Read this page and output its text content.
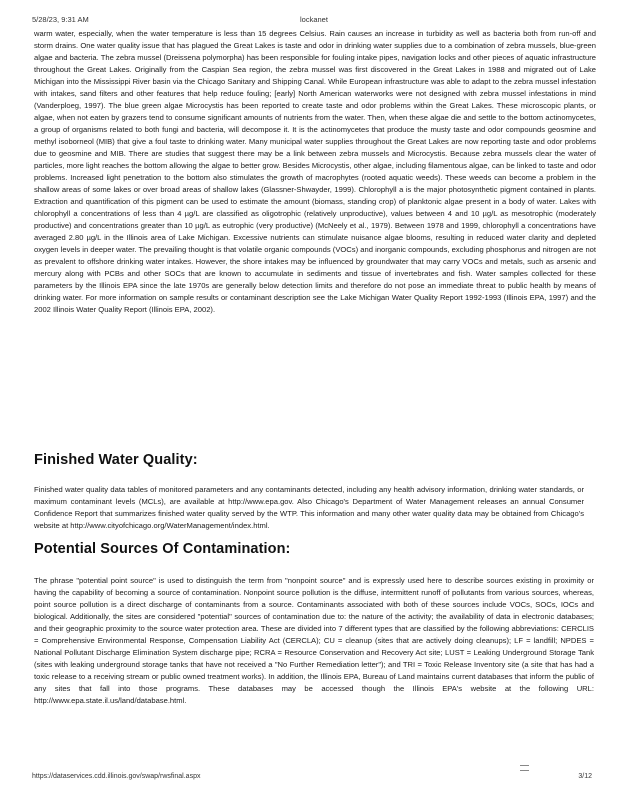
5/28/23, 9:31 AM	lockanet

warm water, especially, when the water temperature is less than 15 degrees Celsius. Rain causes an increase in turbidity as well as bacteria both from run-off and storm drains. One water quality issue that has plagued the Great Lakes is taste and odor in drinking water supplies due to a combination of zebra mussels, blue-green algae and bacteria. The zebra mussel (Dreissena polymorpha) has been responsible for fouling intake pipes, navigation locks and other pieces of aquatic infrastructure throughout the Great Lakes. Originally from the Caspian Sea region, the zebra mussel was first discovered in the Great Lakes in 1988 and migrated out of Lake Michigan into the Mississippi River basin via the Chicago Sanitary and Shipping Canal. While European infrastructure was able to adapt to the zebra mussel infestation with intakes, sand filters and other features that help reduce fouling; [early] North American waterworks were not designed with zebra mussel infestations in mind (Vanderploeg, 1997). The blue green algae Microcystis has been reported to create taste and odor problems within the Great Lakes. These microscopic plants, or algae, when not eaten by grazers tend to consume significant amounts of nutrients from the water. Then, when these algae die and settle to the bottom actinomycetes, a group of organisms related to both fungi and bacteria, will decompose it. It is the actinomycetes that produce the musty taste and odor compounds geosmine and methyl isoborneol (MIB) that give a foul taste to drinking water. Many municipal water supplies throughout the Great Lakes are now reporting taste and odor problems due to geosmine and MIB. There are studies that suggest there may be a link between zebra mussels and Microcystis. Because zebra mussels clear the water of particles, more light reaches the bottom allowing the algae to better grow. Besides Microcystis, other algae, including filamentous algae, can be linked to taste and odor problems. Increased light penetration to the bottom also stimulates the growth of macrophytes (rooted aquatic weeds). These weeds can become a problem in the shallow areas of some lakes or over broad areas of shallow lakes (Glassner-Shwayder, 1999). Chlorophyll a is the major photosynthetic pigment contained in plants. Extraction and quantification of this pigment can be used to estimate the amount (biomass, standing crop) of planktonic algae present in a body of water. Lakes with chlorophyll a concentrations of less than 4 µg/L are classified as oligotrophic (relatively unproductive), values between 4 and 10 µg/L as mesotrophic (moderately productive) and concentrations greater than 10 µg/L as eutrophic (very productive) (McNeely et al., 1979). Between 1978 and 1999, chlorophyll a concentrations have averaged 2.80 µg/L in the Illinois area of Lake Michigan. Excessive nutrients can stimulate nuisance algae blooms, resulting in reduced water clarity and depleted oxygen levels in deeper water. The prevailing thought is that volatile organic compounds (VOCs) and inorganic compounds, excluding phosphorus and nitrogen are not as prevalent to offshore drinking water intakes. However, the shore intakes may be influenced by groundwater that may carry VOCs and metals, such as arsenic and mercury along with PCBs and other SOCs that are known to accumulate in sediments and tissue of invertebrates and fish. Water samples collected for these parameters by the Illinois EPA since the late 1970s are generally below detection limits and therefore do not pose an immediate threat to public health by means of drinking water. For more information on sample results or contaminant description see the Lake Michigan Water Quality Report 1992-1993 (Illinois EPA, 1997) and the 2002 Illinois Water Quality Report (Illinois EPA, 2002).

Finished Water Quality:

Finished water quality data tables of monitored parameters and any contaminants detected, including any health advisory information, drinking water standards, or maximum contaminant levels (MCLs), are available at http://www.epa.gov. Also Chicago's Department of Water Management releases an annual Consumer Confidence Report that summarizes finished water quality served by the WTP. This information and many other water quality data may be obtained from Chicago's website at http://www.cityofchicago.org/WaterManagement/index.html.

Potential Sources Of Contamination:

The phrase "potential point source" is used to distinguish the term from "nonpoint source" and is expressly used here to describe sources existing in proximity or having the capability of becoming a source of contamination. Nonpoint source pollution is the diffuse, intermittent runoff of pollutants from various sources, whereas, point source pollution is a direct discharge of contaminants from a source. Contaminants associated with both of these sources include VOCs, SOCs, IOCs and biological. Additionally, the sites are considered "potential" sources of contamination due to: the nature of the activity; the availability of data in electronic databases; and their geographic proximity to the source water protection area. These are divided into 7 different types that are classified by the following abbreviations: CERCLIS = Comprehensive Environmental Response, Compensation Liability Act (CERCLA); CU = cleanup (sites that are actively doing cleanups); LF = landfill; NPDES = National Pollutant Discharge Elimination System discharge pipe; RCRA = Resource Conservation and Recovery Act site; LUST = Leaking Underground Storage Tank (sites with leaking underground storage tanks that have not received a "No Further Remediation letter"); and TRI = Toxic Release Inventory site (a site that has had a toxic release to a receiving stream or public owned treatment works). In addition, the Illinois EPA, Bureau of Land maintains current databases that inform the public of any sites that fall into those programs. These databases may be accessed though the Illinois EPA's website at the following URL: http://www.epa.state.il.us/land/database.html.

https://dataservices.cdd.illinois.gov/swap/rwsfinal.aspx	3/12
